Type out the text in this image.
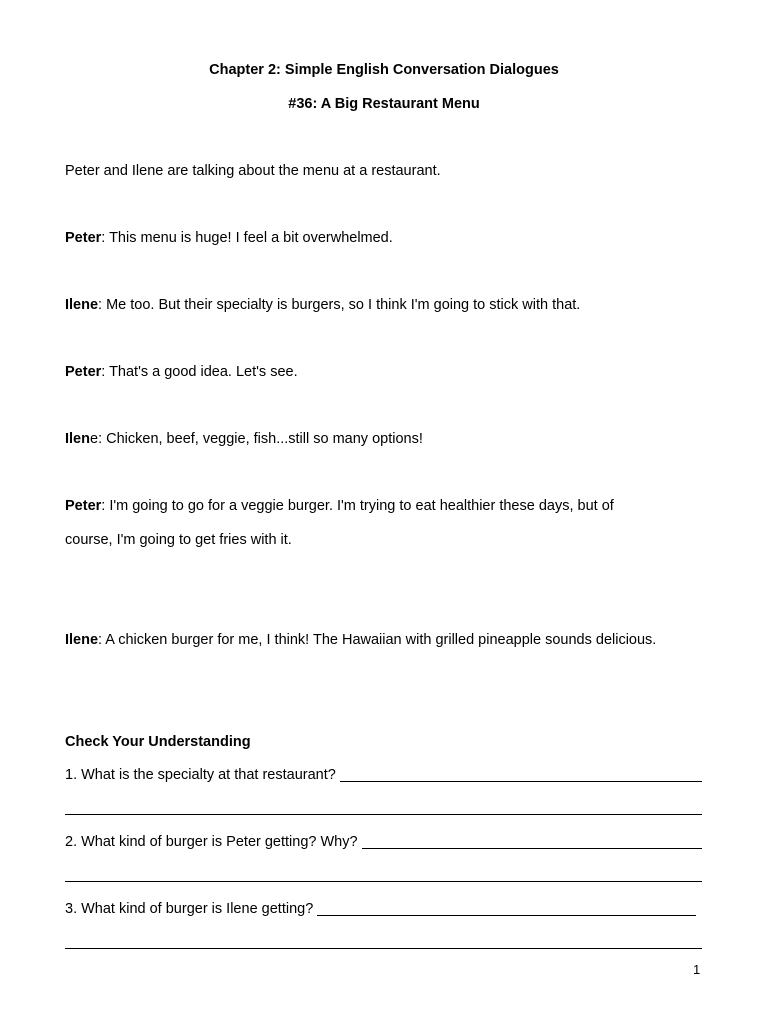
Chapter 2: Simple English Conversation Dialogues
#36: A Big Restaurant Menu
Peter and Ilene are talking about the menu at a restaurant.
Peter: This menu is huge! I feel a bit overwhelmed.
Ilene: Me too. But their specialty is burgers, so I think I'm going to stick with that.
Peter: That's a good idea. Let's see.
Ilene: Chicken, beef, veggie, fish...still so many options!
Peter: I'm going to go for a veggie burger. I'm trying to eat healthier these days, but of
course, I'm going to get fries with it.
Ilene: A chicken burger for me, I think! The Hawaiian with grilled pineapple sounds delicious.
Check Your Understanding
1. What is the specialty at that restaurant?
2. What kind of burger is Peter getting? Why?
3. What kind of burger is Ilene getting?
1
